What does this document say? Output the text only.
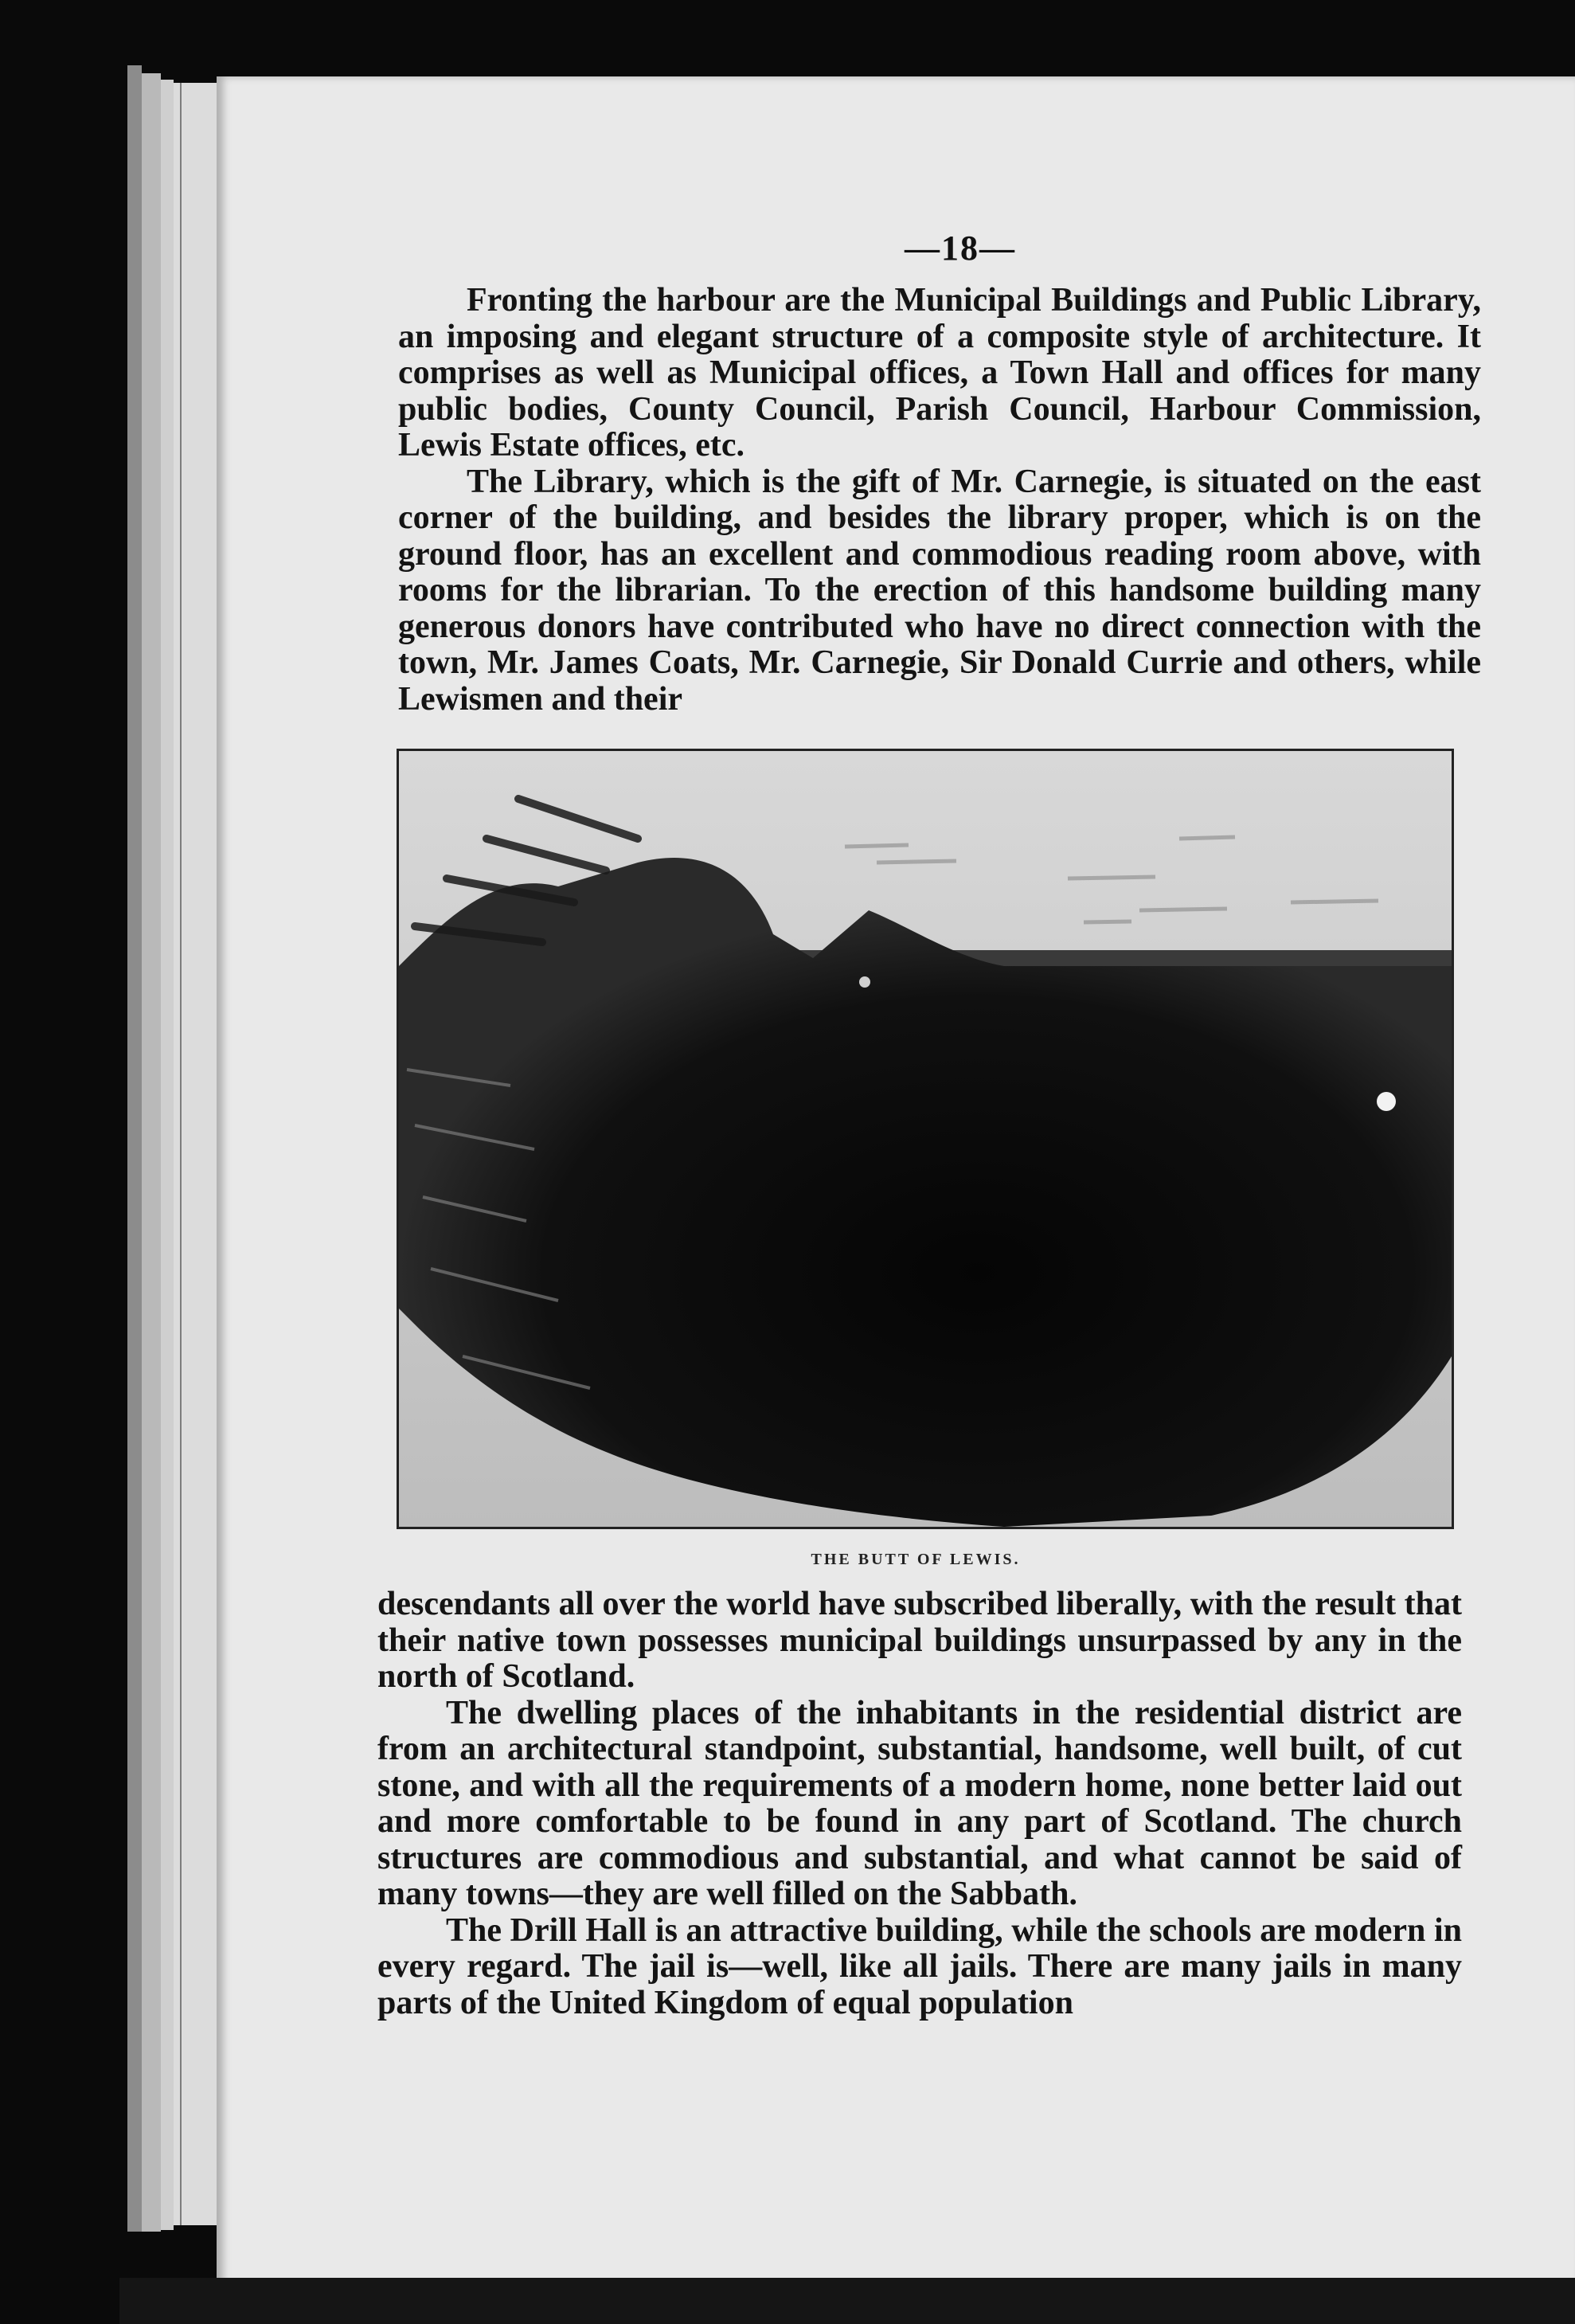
—18—

Fronting the harbour are the Municipal Buildings and Public Library, an imposing and elegant structure of a composite style of architecture. It comprises as well as Municipal offices, a Town Hall and offices for many public bodies, County Council, Parish Council, Harbour Commission, Lewis Estate offices, etc.

The Library, which is the gift of Mr. Carnegie, is situated on the east corner of the building, and besides the library proper, which is on the ground floor, has an excellent and commodious reading room above, with rooms for the librarian. To the erection of this handsome building many generous donors have contributed who have no direct connection with the town, Mr. James Coats, Mr. Carnegie, Sir Donald Currie and others, while Lewismen and their

THE BUTT OF LEWIS.

descendants all over the world have subscribed liberally, with the result that their native town possesses municipal buildings unsurpassed by any in the north of Scotland.

The dwelling places of the inhabitants in the residential district are from an architectural standpoint, substantial, handsome, well built, of cut stone, and with all the requirements of a modern home, none better laid out and more comfortable to be found in any part of Scotland. The church structures are commodious and substantial, and what cannot be said of many towns—they are well filled on the Sabbath.

The Drill Hall is an attractive building, while the schools are modern in every regard. The jail is—well, like all jails. There are many jails in many parts of the United Kingdom of equal population
